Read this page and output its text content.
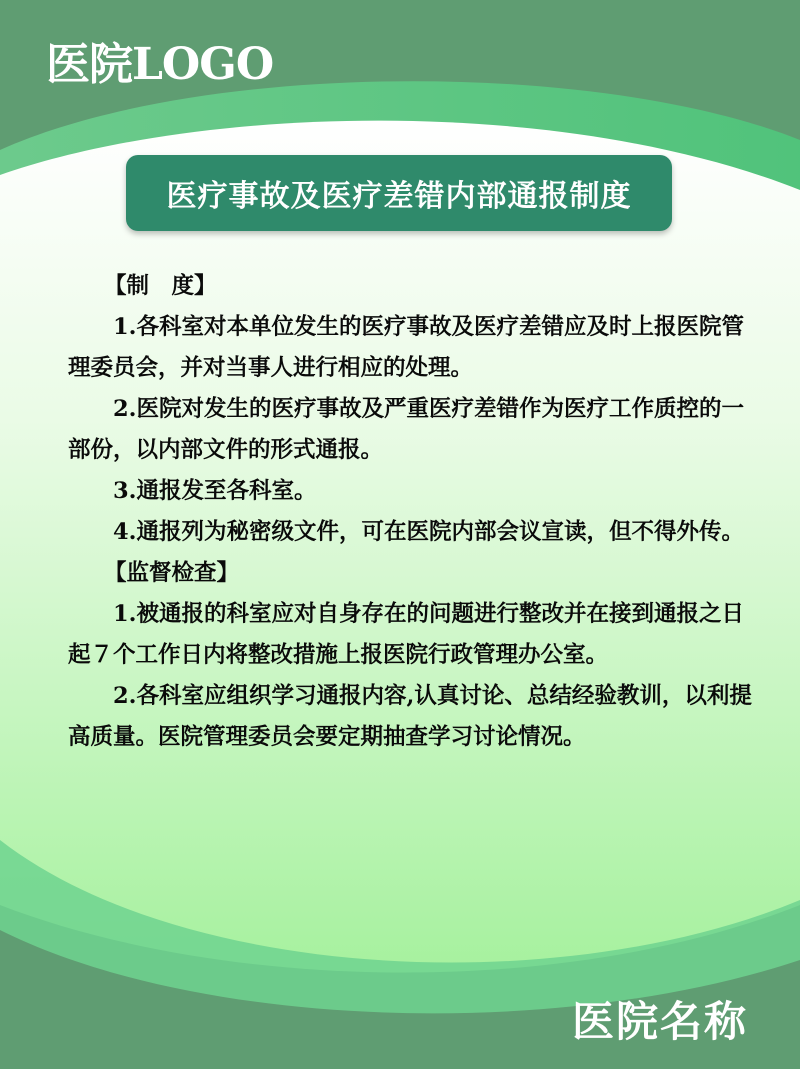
医院LOGO
医疗事故及医疗差错内部通报制度

【制　度】

1.各科室对本单位发生的医疗事故及医疗差错应及时上报医院管理委员会，并对当事人进行相应的处理。

2.医院对发生的医疗事故及严重医疗差错作为医疗工作质控的一部份，以内部文件的形式通报。

3.通报发至各科室。

4.通报列为秘密级文件，可在医院内部会议宣读，但不得外传。

【监督检查】

1.被通报的科室应对自身存在的问题进行整改并在接到通报之日起７个工作日内将整改措施上报医院行政管理办公室。

2.各科室应组织学习通报内容,认真讨论、总结经验教训，以利提高质量。医院管理委员会要定期抽查学习讨论情况。

医院名称
